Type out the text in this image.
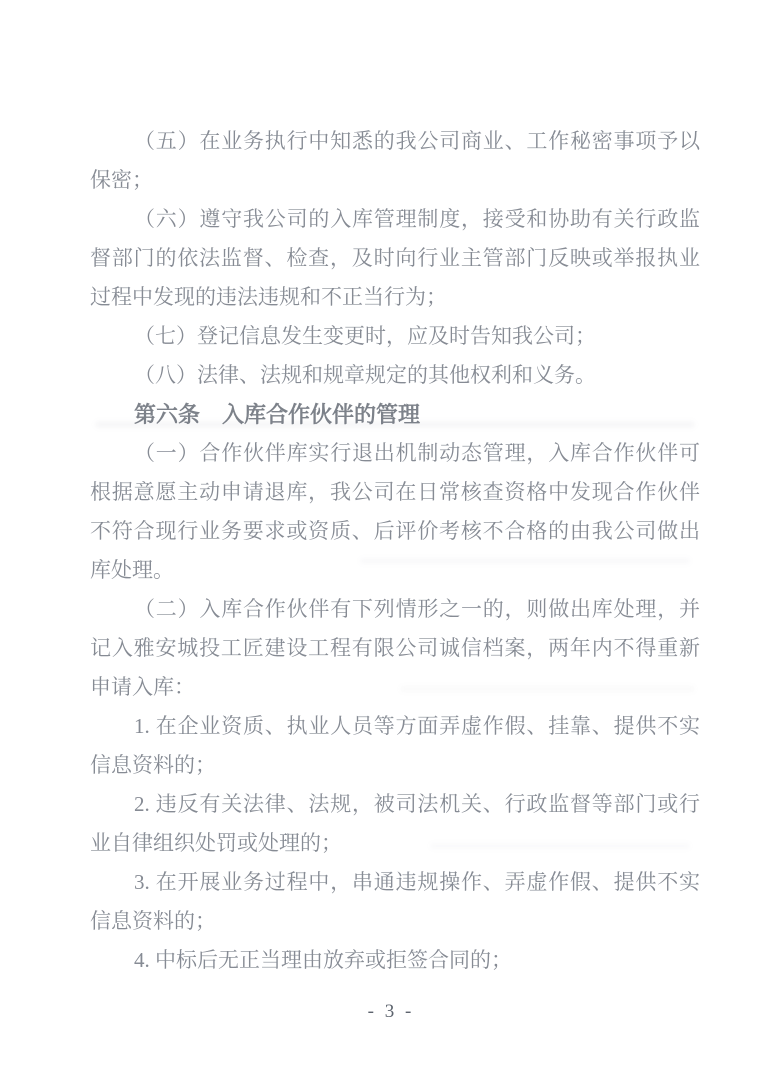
（五）在业务执行中知悉的我公司商业、工作秘密事项予以
保密；
（六）遵守我公司的入库管理制度，接受和协助有关行政监
督部门的依法监督、检查，及时向行业主管部门反映或举报执业
过程中发现的违法违规和不正当行为；
（七）登记信息发生变更时，应及时告知我公司；
（八）法律、法规和规章规定的其他权利和义务。
第六条　入库合作伙伴的管理
（一）合作伙伴库实行退出机制动态管理，入库合作伙伴可
根据意愿主动申请退库，我公司在日常核查资格中发现合作伙伴
不符合现行业务要求或资质、后评价考核不合格的由我公司做出
库处理。
（二）入库合作伙伴有下列情形之一的，则做出库处理，并
记入雅安城投工匠建设工程有限公司诚信档案，两年内不得重新
申请入库：
1. 在企业资质、执业人员等方面弄虚作假、挂靠、提供不实
信息资料的；
2. 违反有关法律、法规，被司法机关、行政监督等部门或行
业自律组织处罚或处理的；
3. 在开展业务过程中，串通违规操作、弄虚作假、提供不实
信息资料的；
4. 中标后无正当理由放弃或拒签合同的；
- 3 -
